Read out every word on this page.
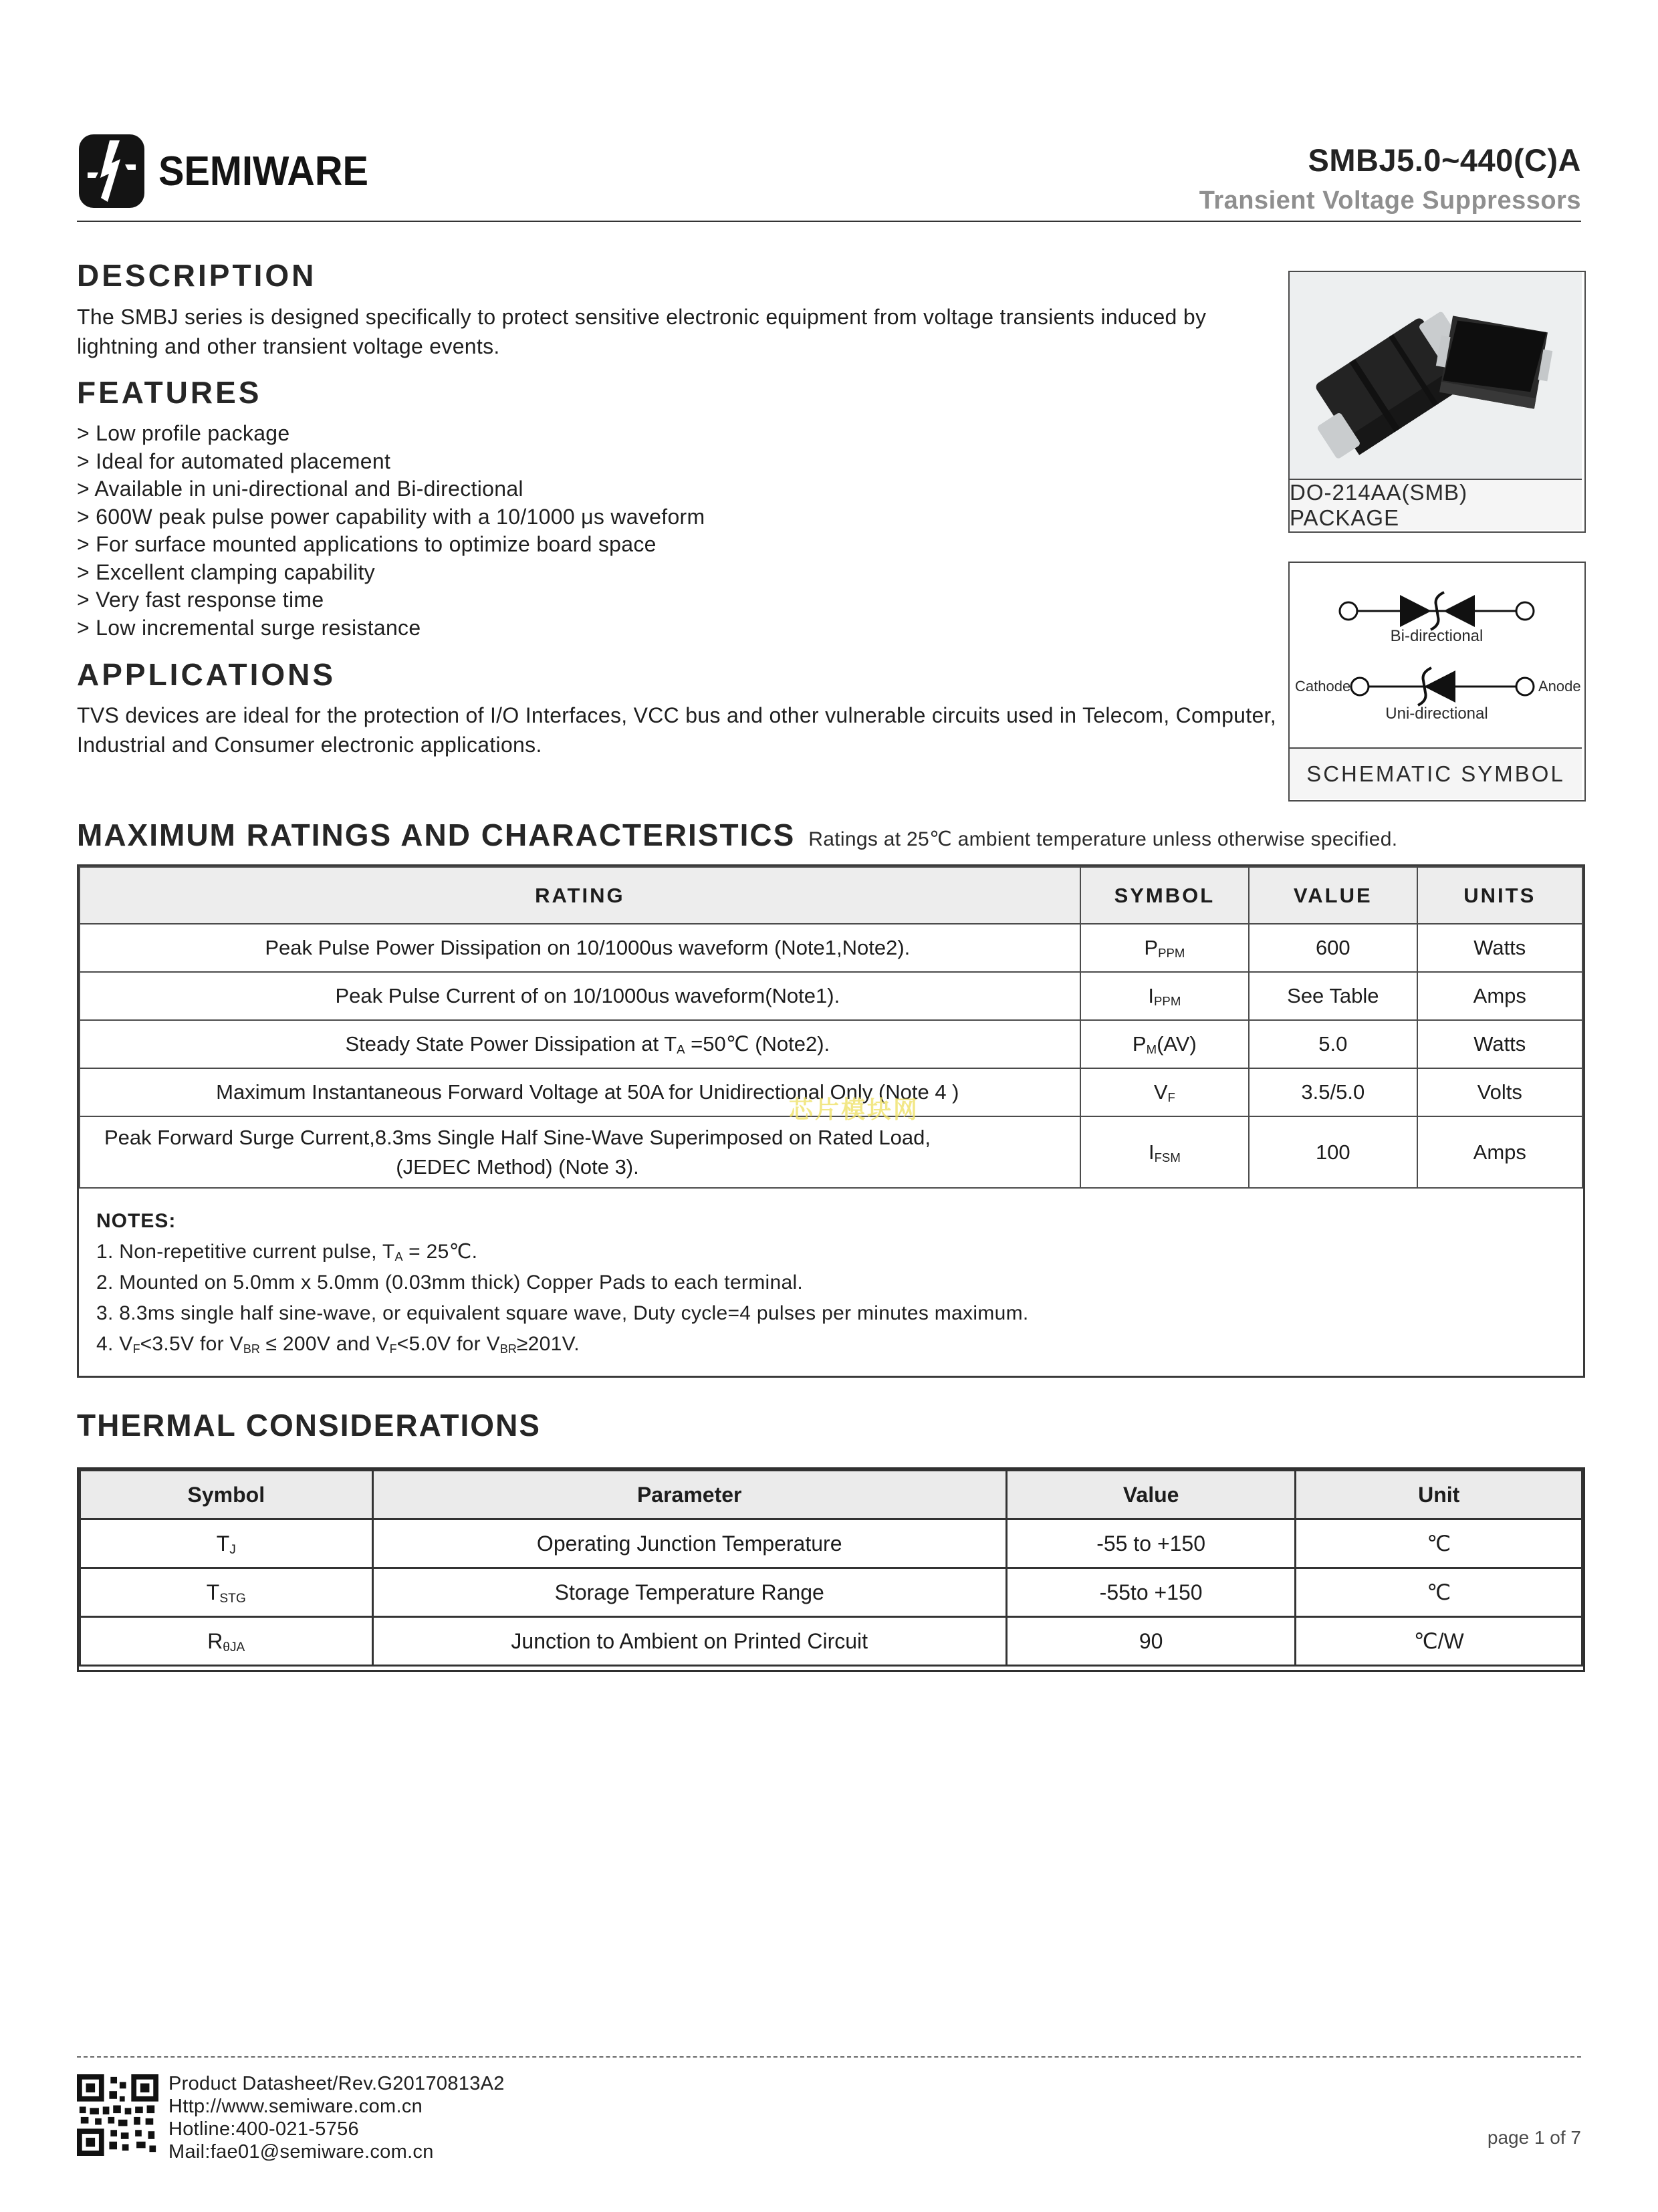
SEMIWARE	SMBJ5.0~440(C)A
Transient Voltage Suppressors
DESCRIPTION
The SMBJ series is designed specifically to protect sensitive electronic equipment from voltage transients induced by lightning and other transient voltage events.
FEATURES
> Low profile package
> Ideal for automated placement
> Available in uni-directional and Bi-directional
> 600W peak pulse power capability with a 10/1000 μs waveform
> For surface mounted applications to optimize board space
> Excellent clamping capability
> Very fast response time
> Low incremental surge resistance
APPLICATIONS
TVS devices are ideal for the protection of I/O Interfaces, VCC bus and other vulnerable circuits used in Telecom, Computer, Industrial and Consumer electronic applications.
DO-214AA(SMB) PACKAGE
Bi-directional
Cathode	Anode
Uni-directional
SCHEMATIC SYMBOL
MAXIMUM RATINGS AND CHARACTERISTICS Ratings at 25℃ ambient temperature unless otherwise specified.
RATING	SYMBOL	VALUE	UNITS
Peak Pulse Power Dissipation on 10/1000us waveform (Note1,Note2).	$P_{PPM}$	600	Watts
Peak Pulse Current of on 10/1000us waveform(Note1).	$I_{PPM}$	See Table	Amps
Steady State Power Dissipation at $T_A$ =50℃ (Note2).	$P_M(AV)$	5.0	Watts
Maximum Instantaneous Forward Voltage at 50A for Unidirectional Only (Note 4 )	$V_F$	3.5/5.0	Volts

Peak Forward Surge Current,8.3ms Single Half Sine-Wave Superimposed on Rated Load, (JEDEC Method) (Note 3).	$I_{FSM}$	100	Amps
NOTES:
1. Non-repetitive current pulse, $T_A$ = 25℃.
2. Mounted on 5.0mm x 5.0mm (0.03mm thick) Copper Pads to each terminal.
3. 8.3ms single half sine-wave, or equivalent square wave, Duty cycle=4 pulses per minutes maximum.
4. $V_F<3.5V$ for $V_{BR} \le 200V$ and $V_F<5.0V$ for $V_{BR}\ge 201V$.
芯片模块网
THERMAL CONSIDERATIONS
Symbol	Parameter	Value	Unit
$T_J$	Operating Junction Temperature	-55 to +150	℃
$T_{STG}$	Storage Temperature Range	-55to +150	℃
$R_{\theta JA}$	Junction to Ambient on Printed Circuit	90	℃/W
Product Datasheet/Rev.G20170813A2
Http://www.semiware.com.cn
Hotline:400-021-5756
Mail:fae01@semiware.com.cn
page 1 of 7
